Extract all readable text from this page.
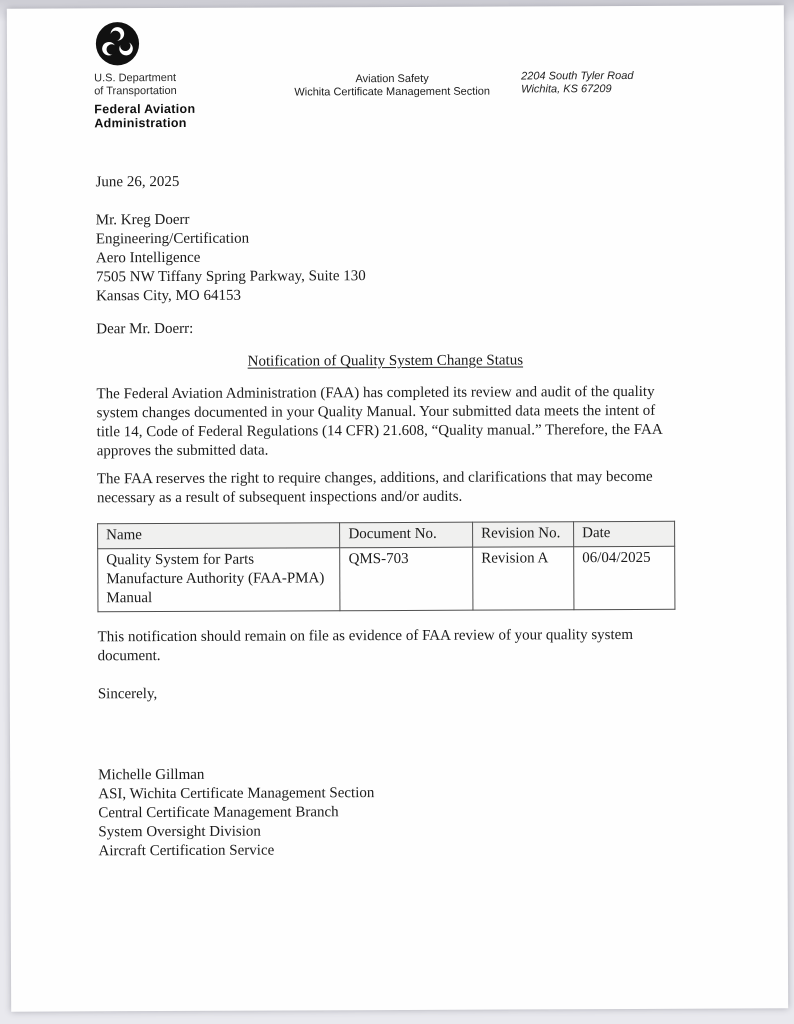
U.S. Department
of Transportation
Federal Aviation
Administration
Aviation Safety
Wichita Certificate Management Section
2204 South Tyler Road
Wichita, KS 67209
June 26, 2025
Mr. Kreg Doerr
Engineering/Certification
Aero Intelligence
7505 NW Tiffany Spring Parkway, Suite 130
Kansas City, MO 64153
Dear Mr. Doerr:
Notification of Quality System Change Status
The Federal Aviation Administration (FAA) has completed its review and audit of the quality system changes documented in your Quality Manual. Your submitted data meets the intent of title 14, Code of Federal Regulations (14 CFR) 21.608, “Quality manual.” Therefore, the FAA approves the submitted data.
The FAA reserves the right to require changes, additions, and clarifications that may become necessary as a result of subsequent inspections and/or audits.
Name	Document No.	Revision No.	Date
Quality System for Parts Manufacture Authority (FAA-PMA) Manual	QMS-703	Revision A	06/04/2025
This notification should remain on file as evidence of FAA review of your quality system document.
Sincerely,
Michelle Gillman
ASI, Wichita Certificate Management Section
Central Certificate Management Branch
System Oversight Division
Aircraft Certification Service
